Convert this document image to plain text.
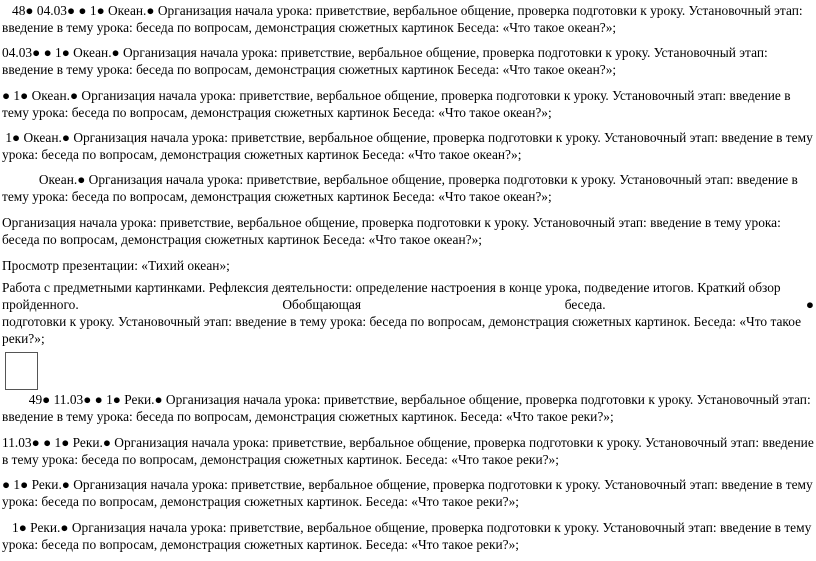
48● 04.03● ● 1● Океан.● Организация начала урока: приветствие, вербальное общение, проверка подготовки к уроку. Установочный этап:
введение в тему урока: беседа по вопросам, демонстрация сюжетных картинок Беседа: «Что такое океан?»;
04.03● ● 1● Океан.● Организация начала урока: приветствие, вербальное общение, проверка подготовки к уроку. Установочный этап:
введение в тему урока: беседа по вопросам, демонстрация сюжетных картинок Беседа: «Что такое океан?»;
● 1● Океан.● Организация начала урока: приветствие, вербальное общение, проверка подготовки к уроку. Установочный этап: введение в
тему урока: беседа по вопросам, демонстрация сюжетных картинок Беседа: «Что такое океан?»;
1● Океан.● Организация начала урока: приветствие, вербальное общение, проверка подготовки к уроку. Установочный этап: введение в тему
урока: беседа по вопросам, демонстрация сюжетных картинок Беседа: «Что такое океан?»;
Океан.● Организация начала урока: приветствие, вербальное общение, проверка подготовки к уроку. Установочный этап: введение в
тему урока: беседа по вопросам, демонстрация сюжетных картинок Беседа: «Что такое океан?»;
Организация начала урока: приветствие, вербальное общение, проверка подготовки к уроку. Установочный этап: введение в тему урока:
беседа по вопросам, демонстрация сюжетных картинок Беседа: «Что такое океан?»;
Просмотр презентации: «Тихий океан»;
Работа с предметными картинками. Рефлексия деятельности: определение настроения в конце урока, подведение итогов. Краткий обзор
пройденного. Обобщающая беседа.●
подготовки к уроку. Установочный этап: введение в тему урока: беседа по вопросам, демонстрация сюжетных картинок. Беседа: «Что такое
реки?»;
49● 11.03● ● 1● Реки.● Организация начала урока: приветствие, вербальное общение, проверка подготовки к уроку. Установочный этап:
введение в тему урока: беседа по вопросам, демонстрация сюжетных картинок. Беседа: «Что такое реки?»;
11.03● ● 1● Реки.● Организация начала урока: приветствие, вербальное общение, проверка подготовки к уроку. Установочный этап: введение
в тему урока: беседа по вопросам, демонстрация сюжетных картинок. Беседа: «Что такое реки?»;
● 1● Реки.● Организация начала урока: приветствие, вербальное общение, проверка подготовки к уроку. Установочный этап: введение в тему
урока: беседа по вопросам, демонстрация сюжетных картинок. Беседа: «Что такое реки?»;
1● Реки.● Организация начала урока: приветствие, вербальное общение, проверка подготовки к уроку. Установочный этап: введение в тему
урока: беседа по вопросам, демонстрация сюжетных картинок. Беседа: «Что такое реки?»;
